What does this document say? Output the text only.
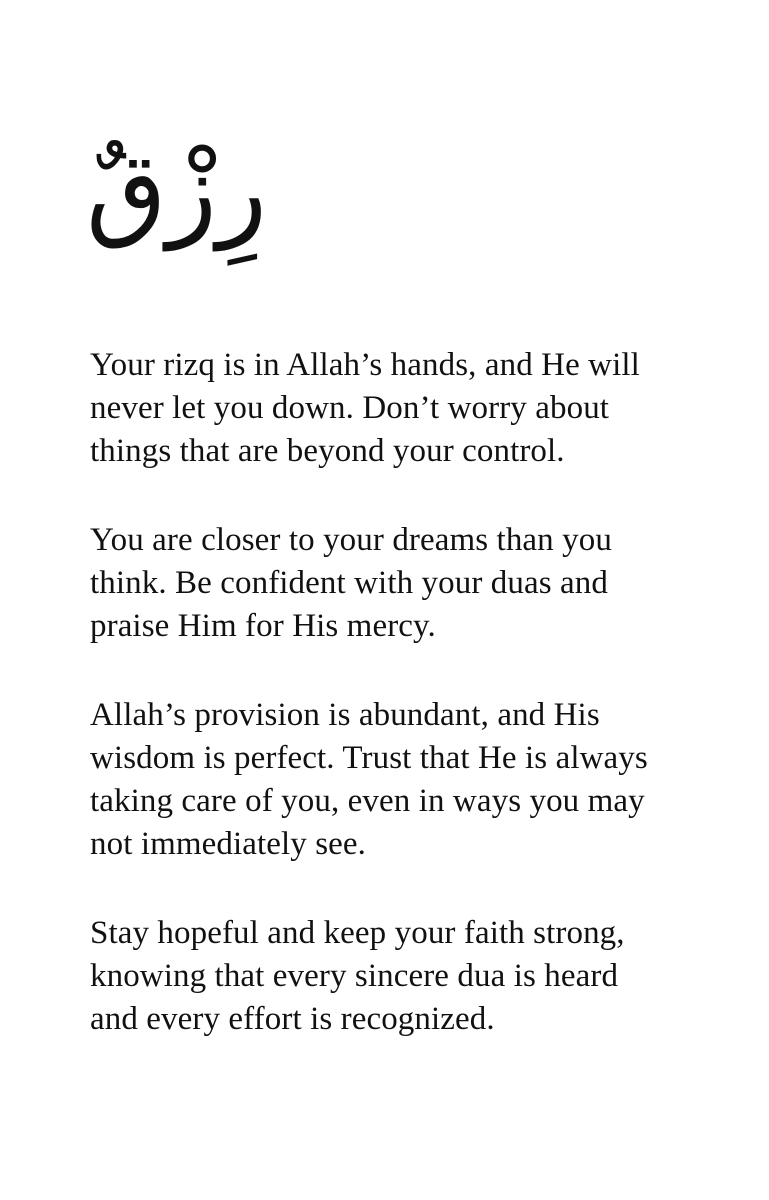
رِزْقٌ

Your rizq is in Allah’s hands, and He will
never let you down. Don’t worry about
things that are beyond your control.

You are closer to your dreams than you
think. Be confident with your duas and
praise Him for His mercy.

Allah’s provision is abundant, and His
wisdom is perfect. Trust that He is always
taking care of you, even in ways you may
not immediately see.

Stay hopeful and keep your faith strong,
knowing that every sincere dua is heard
and every effort is recognized.
